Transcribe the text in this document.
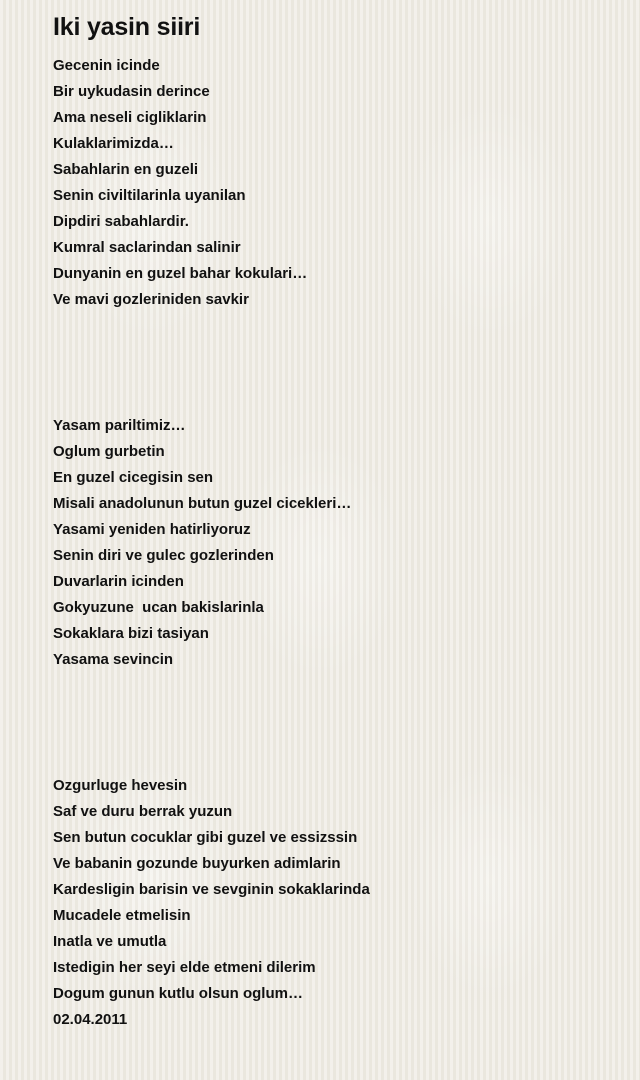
Iki yasin siiri
Gecenin icinde
Bir uykudasin derince
Ama neseli cigliklarin
Kulaklarimizda…
Sabahlarin en guzeli
Senin civiltilarinla uyanilan
Dipdiri sabahlardir.
Kumral saclarindan salinir
Dunyanin en guzel bahar kokulari…
Ve mavi gozleriniden savkir
Yasam pariltimiz…
Oglum gurbetin
En guzel cicegisin sen
Misali anadolunun butun guzel cicekleri…
Yasami yeniden hatirliyoruz
Senin diri ve gulec gozlerinden
Duvarlarin icinden
Gokyuzune  ucan bakislarinla
Sokaklara bizi tasiyan
Yasama sevincin
Ozgurluge hevesin
Saf ve duru berrak yuzun
Sen butun cocuklar gibi guzel ve essizssin
Ve babanin gozunde buyurken adimlarin
Kardesligin barisin ve sevginin sokaklarinda
Mucadele etmelisin
Inatla ve umutla
Istedigin her seyi elde etmeni dilerim
Dogum gunun kutlu olsun oglum…
02.04.2011
